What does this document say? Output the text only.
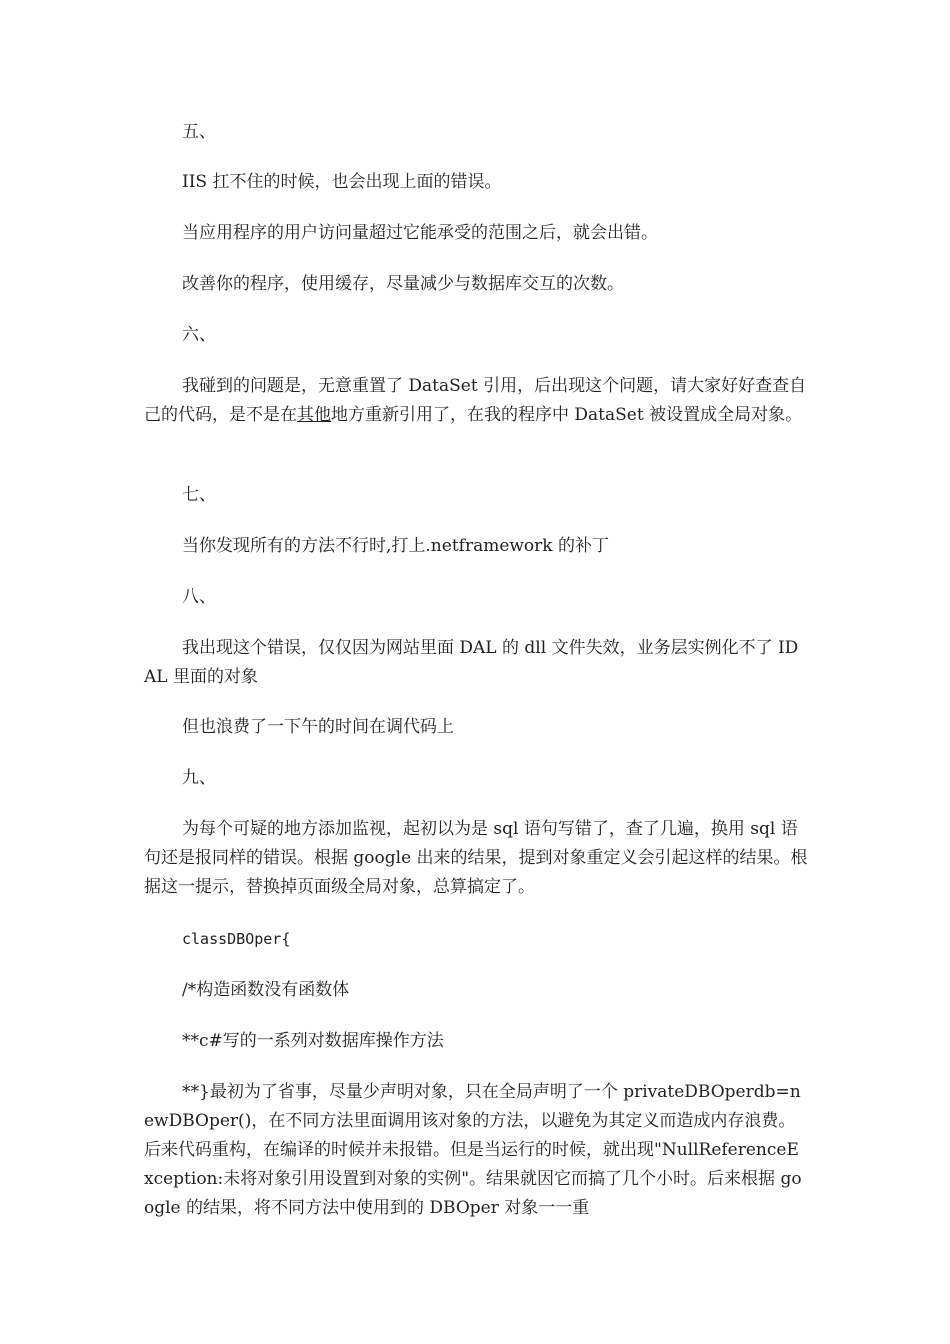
五、

IIS 扛不住的时候，也会出现上面的错误。

当应用程序的用户访问量超过它能承受的范围之后，就会出错。

改善你的程序，使用缓存，尽量减少与数据库交互的次数。

六、

我碰到的问题是，无意重置了 DataSet 引用，后出现这个问题，请大家好好查查自己的代码，是不是在其他地方重新引用了，在我的程序中 DataSet 被设置成全局对象。

七、

当你发现所有的方法不行时,打上.netframework 的补丁

八、

我出现这个错误，仅仅因为网站里面 DAL 的 dll 文件失效，业务层实例化不了 IDAL 里面的对象

但也浪费了一下午的时间在调代码上

九、

为每个可疑的地方添加监视，起初以为是 sql 语句写错了，查了几遍，换用 sql 语句还是报同样的错误。根据 google 出来的结果，提到对象重定义会引起这样的结果。根据这一提示，替换掉页面级全局对象，总算搞定了。

classDBOper{

/*构造函数没有函数体

**c#写的一系列对数据库操作方法

**}最初为了省事，尽量少声明对象，只在全局声明了一个 privateDBOperdb=newDBOper()，在不同方法里面调用该对象的方法，以避免为其定义而造成内存浪费。后来代码重构，在编译的时候并未报错。但是当运行的时候，就出现"NullReferenceException:未将对象引用设置到对象的实例"。结果就因它而搞了几个小时。后来根据 google 的结果，将不同方法中使用到的 DBOper 对象一一重
